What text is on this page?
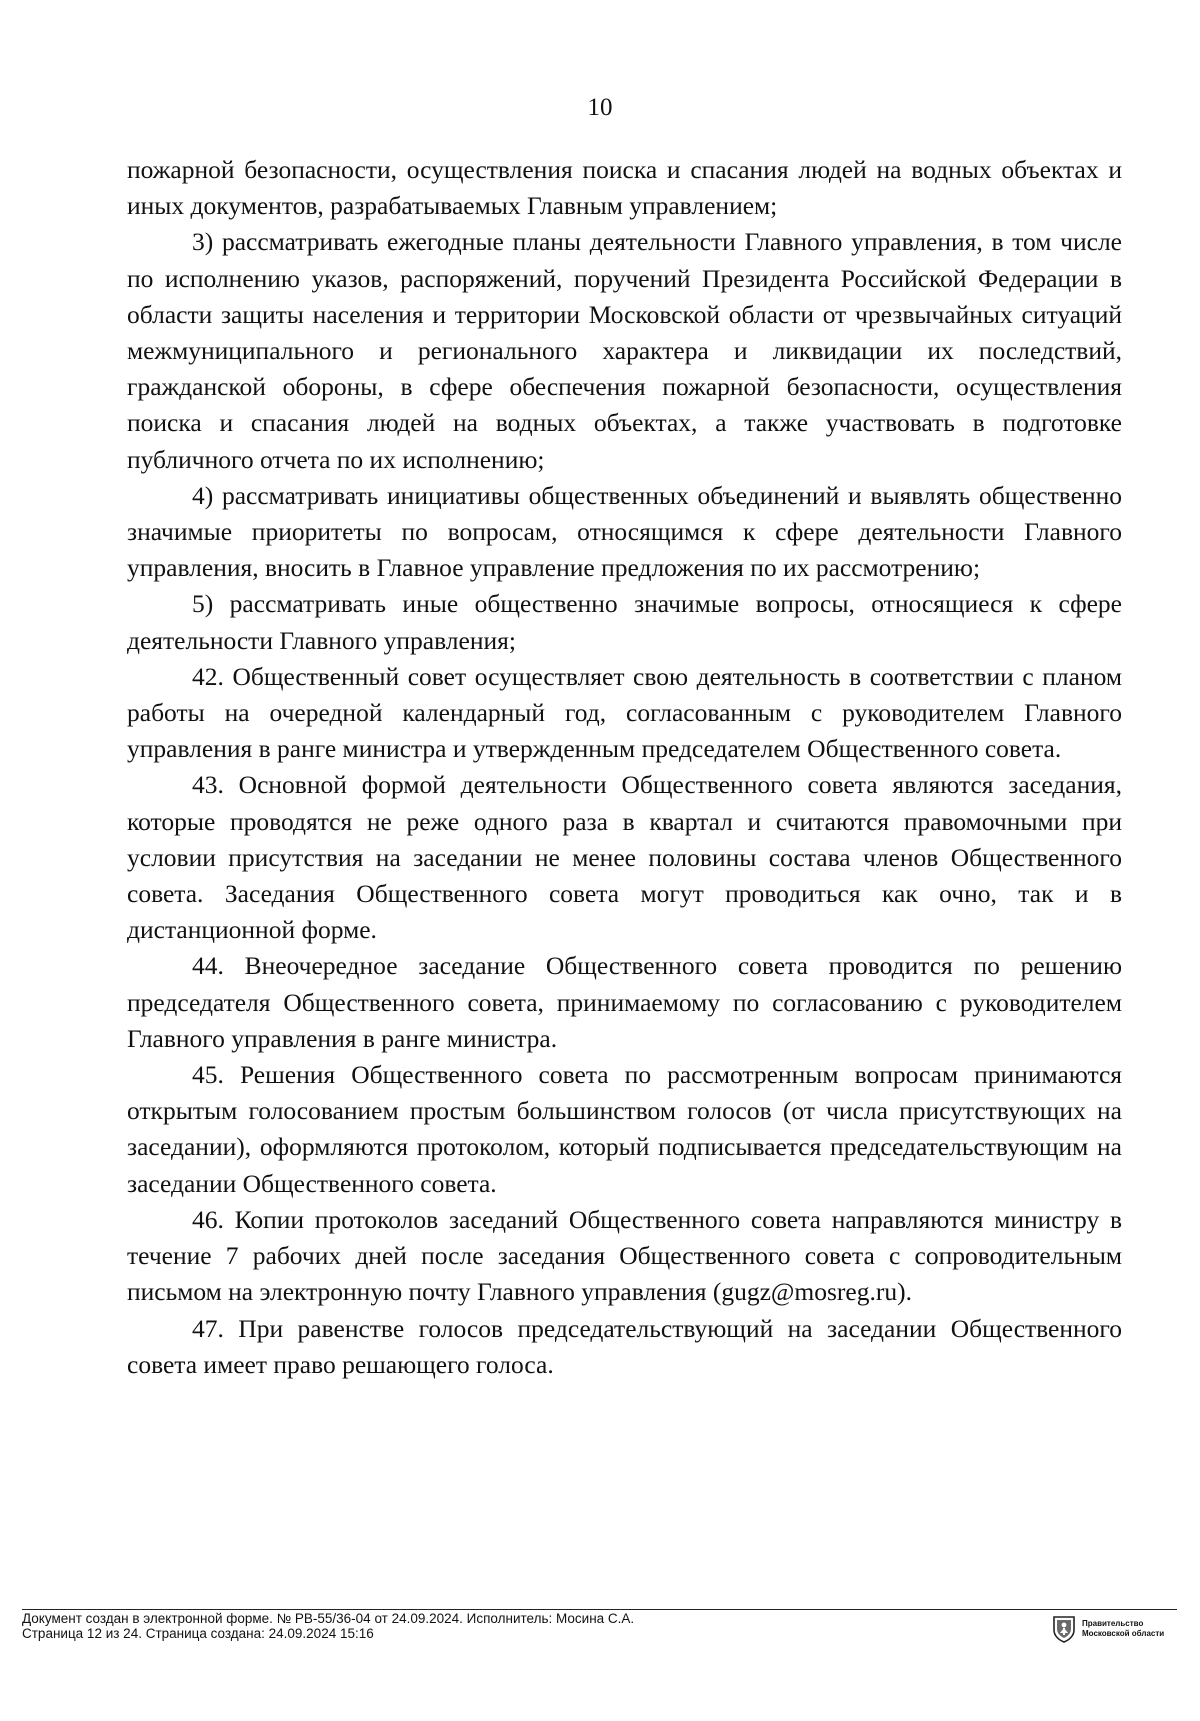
10

пожарной безопасности, осуществления поиска и спасания людей на водных объектах и иных документов, разрабатываемых Главным управлением;

3) рассматривать ежегодные планы деятельности Главного управления, в том числе по исполнению указов, распоряжений, поручений Президента Российской Федерации в области защиты населения и территории Московской области от чрезвычайных ситуаций межмуниципального и регионального характера и ликвидации их последствий, гражданской обороны, в сфере обеспечения пожарной безопасности, осуществления поиска и спасания людей на водных объектах, а также участвовать в подготовке публичного отчета по их исполнению;

4) рассматривать инициативы общественных объединений и выявлять общественно значимые приоритеты по вопросам, относящимся к сфере деятельности Главного управления, вносить в Главное управление предложения по их рассмотрению;

5) рассматривать иные общественно значимые вопросы, относящиеся к сфере деятельности Главного управления;

42. Общественный совет осуществляет свою деятельность в соответствии с планом работы на очередной календарный год, согласованным с руководителем Главного управления в ранге министра и утвержденным председателем Общественного совета.

43. Основной формой деятельности Общественного совета являются заседания, которые проводятся не реже одного раза в квартал и считаются правомочными при условии присутствия на заседании не менее половины состава членов Общественного совета. Заседания Общественного совета могут проводиться как очно, так и в дистанционной форме.

44. Внеочередное заседание Общественного совета проводится по решению председателя Общественного совета, принимаемому по согласованию с руководителем Главного управления в ранге министра.

45. Решения Общественного совета по рассмотренным вопросам принимаются открытым голосованием простым большинством голосов (от числа присутствующих на заседании), оформляются протоколом, который подписывается председательствующим на заседании Общественного совета.

46. Копии протоколов заседаний Общественного совета направляются министру в течение 7 рабочих дней после заседания Общественного совета с сопроводительным письмом на электронную почту Главного управления (gugz@mosreg.ru).

47. При равенстве голосов председательствующий на заседании Общественного совета имеет право решающего голоса.

Документ создан в электронной форме. № РВ-55/36-04 от 24.09.2024. Исполнитель: Мосина С.А.
Страница 12 из 24. Страница создана: 24.09.2024 15:16
Правительство
Московской области
